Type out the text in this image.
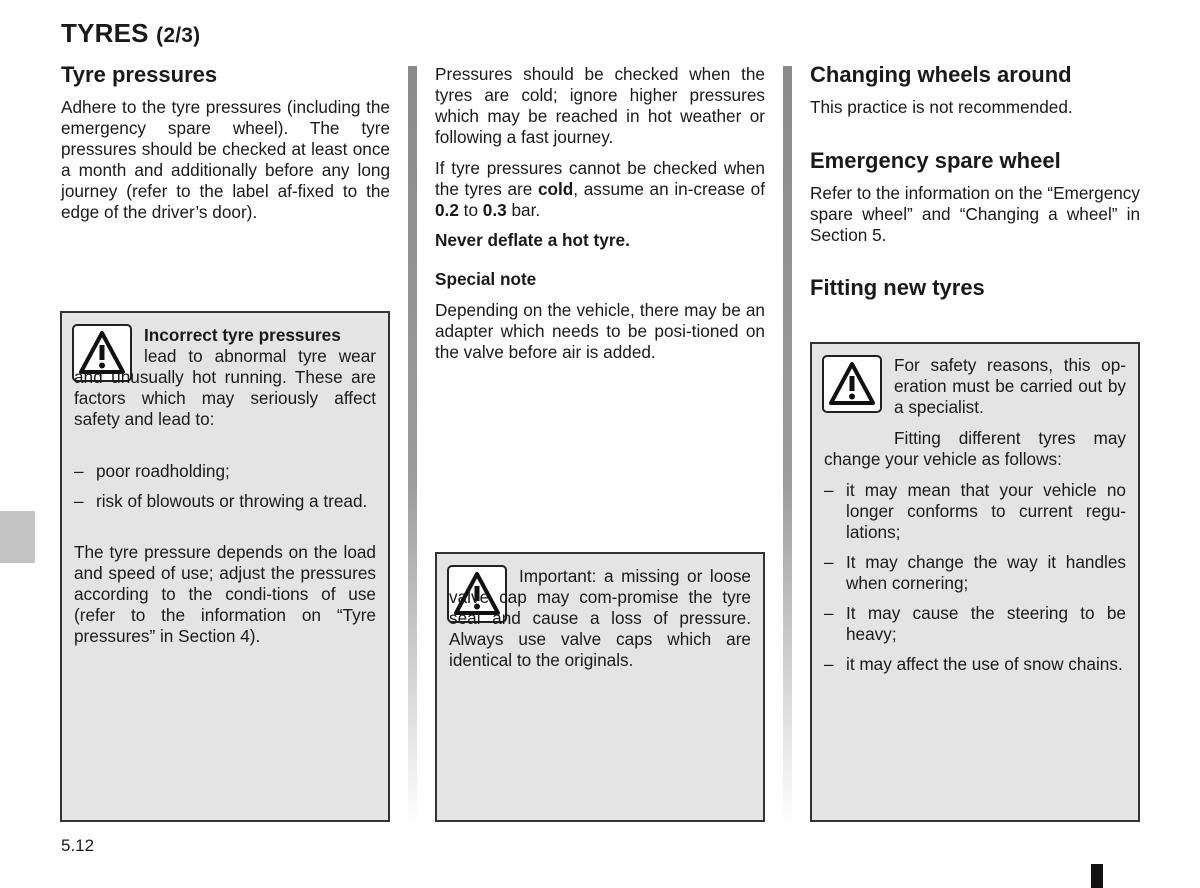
TYRES (2/3)
Tyre pressures

Adhere to the tyre pressures (including the emergency spare wheel). The tyre pressures should be checked at least once a month and additionally before any long journey (refer to the label af-fixed to the edge of the driver’s door).

Incorrect tyre pressures
lead to abnormal tyre wear and unusually hot running. These are factors which may seriously affect safety and lead to:
– poor roadholding;
– risk of blowouts or throwing a tread.
The tyre pressure depends on the load and speed of use; adjust the pressures according to the condi-tions of use (refer to the information on “Tyre pressures” in Section 4).

Pressures should be checked when the tyres are cold; ignore higher pressures which may be reached in hot weather or following a fast journey.

If tyre pressures cannot be checked when the tyres are cold, assume an in-crease of 0.2 to 0.3 bar.

Never deflate a hot tyre.

Special note

Depending on the vehicle, there may be an adapter which needs to be posi-tioned on the valve before air is added.

Important: a missing or loose valve cap may com-promise the tyre seal and cause a loss of pressure. Always use valve caps which are identical to the originals.
Changing wheels around

This practice is not recommended.

Emergency spare wheel

Refer to the information on the “Emergency spare wheel” and “Changing a wheel” in Section 5.

Fitting new tyres
For safety reasons, this op-eration must be carried out by a specialist.
Fitting different tyres may change your vehicle as follows:
– it may mean that your vehicle no longer conforms to current regu-lations;
– It may change the way it handles when cornering;
– It may cause the steering to be heavy;
– it may affect the use of snow chains.
5.12
